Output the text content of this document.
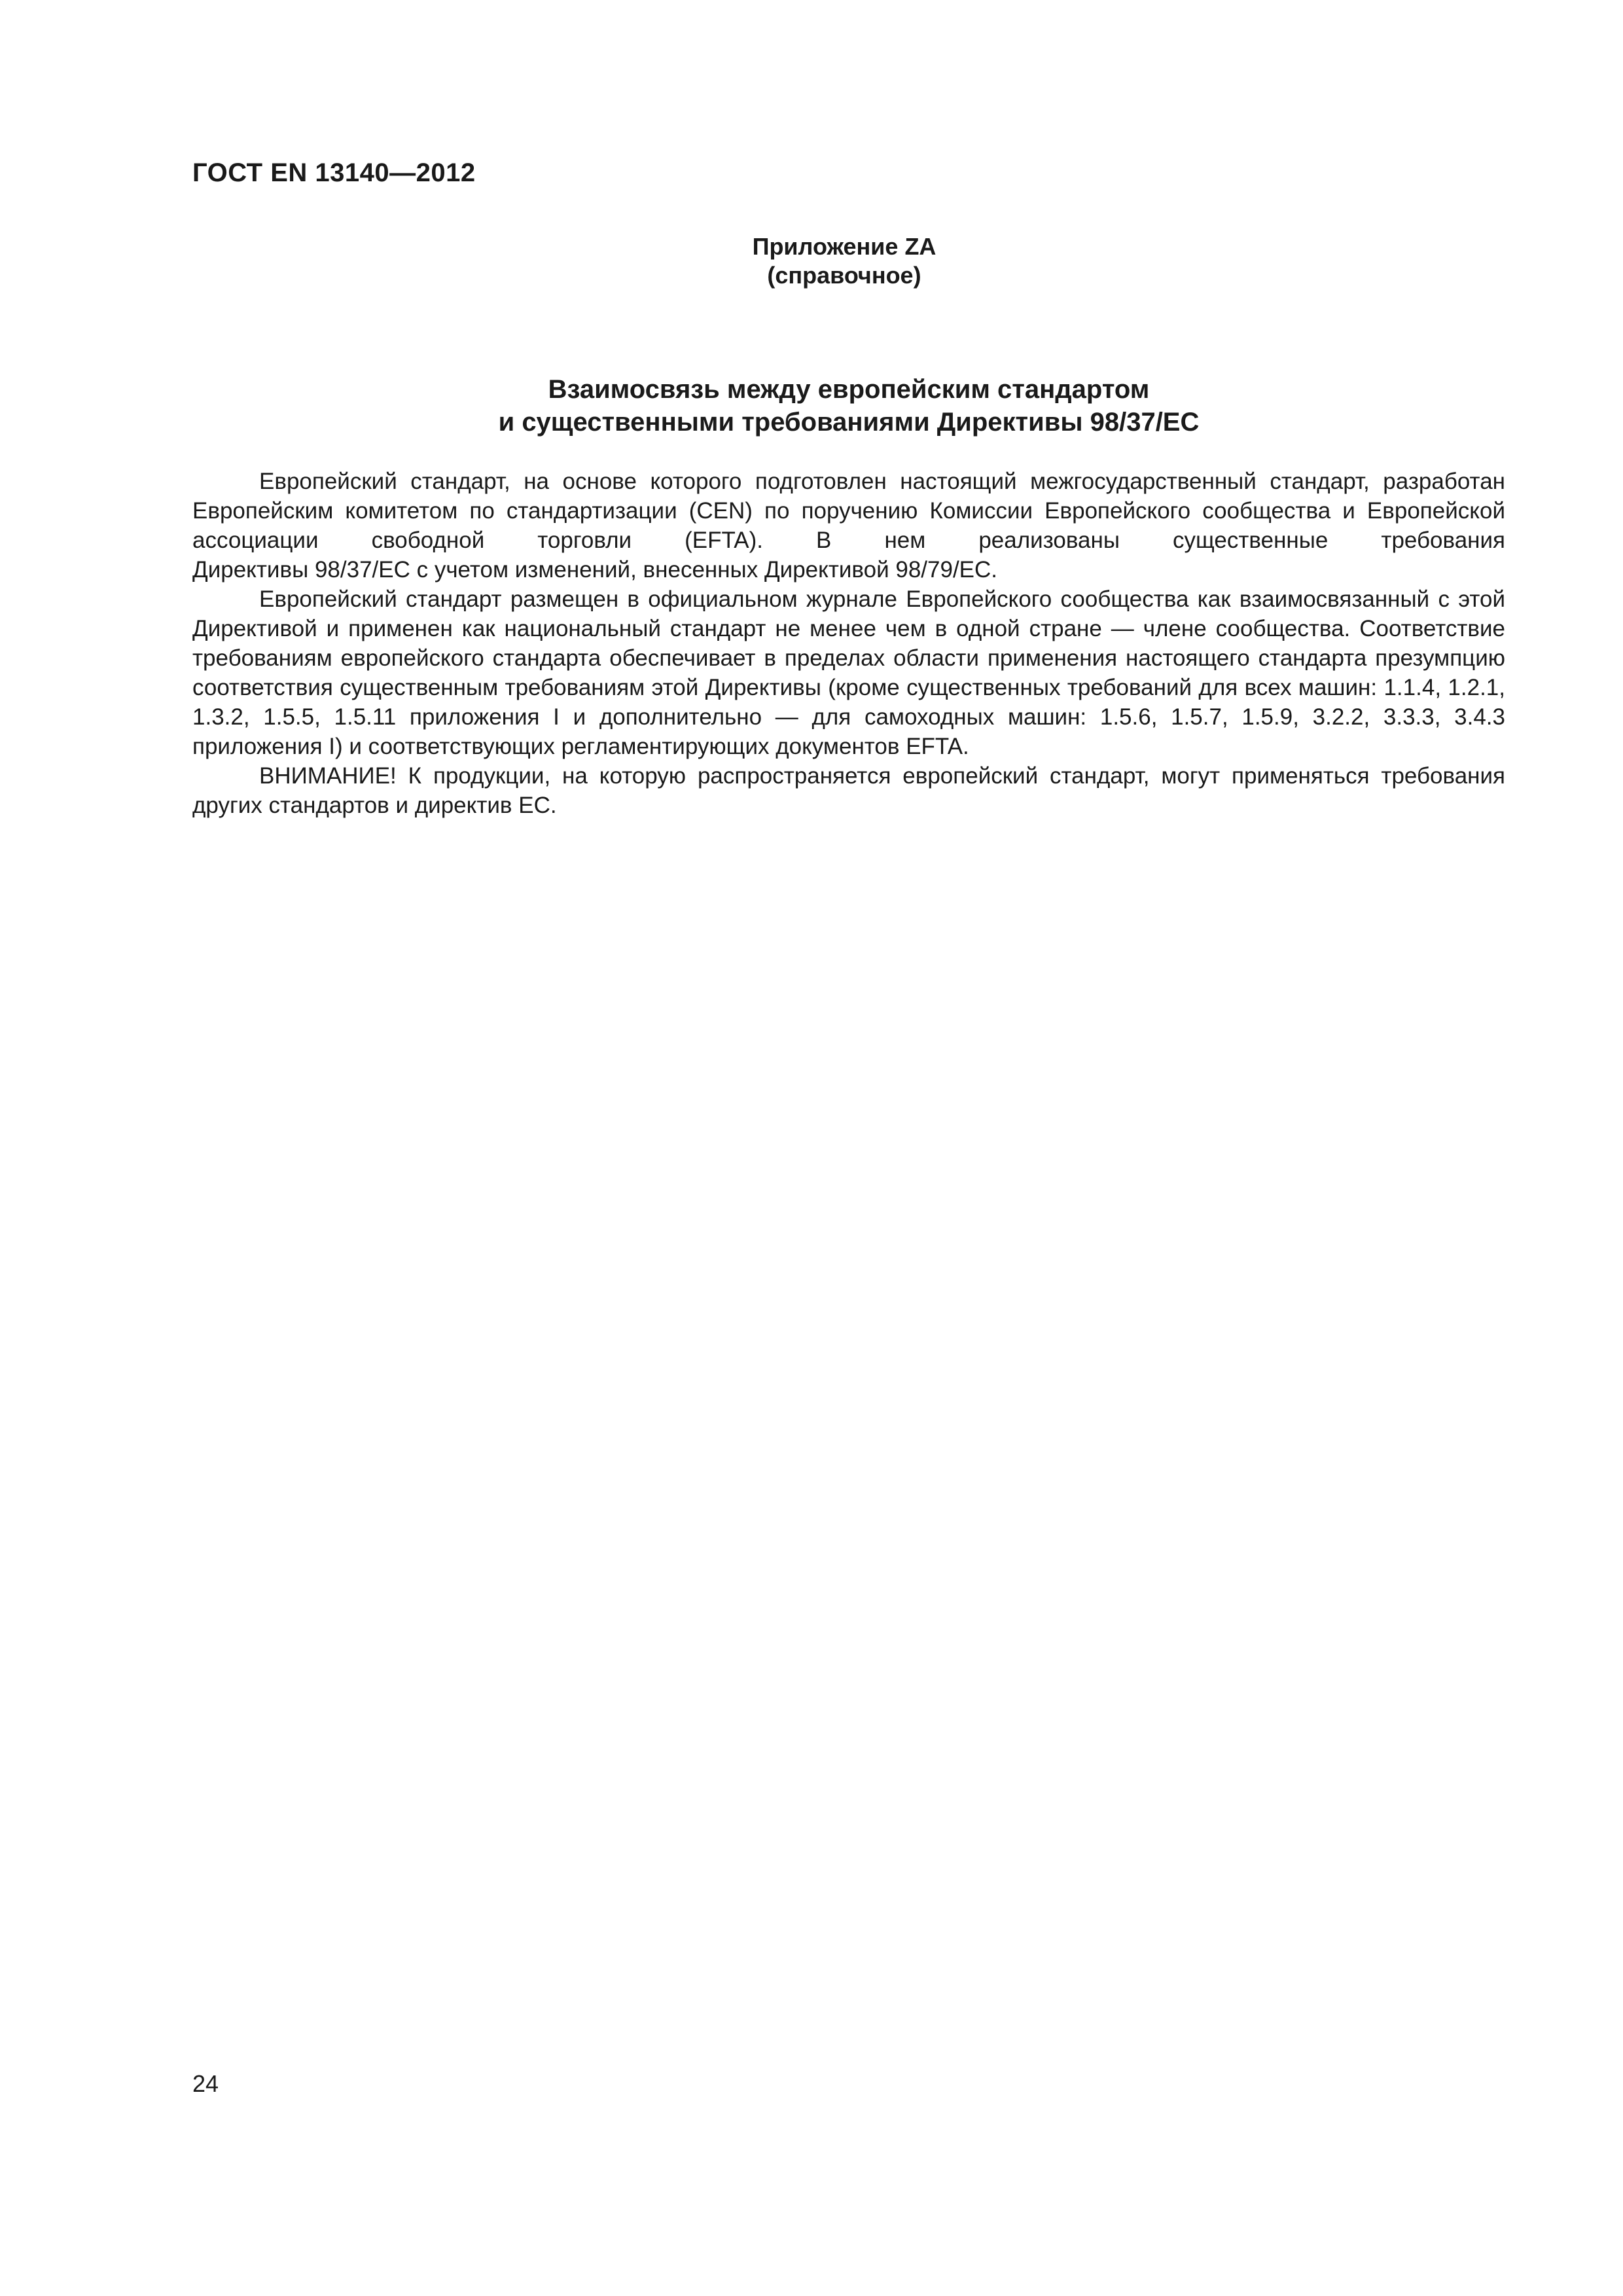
ГОСТ EN 13140—2012
Приложение ZA
(справочное)
Взаимосвязь между европейским стандартом
и существенными требованиями Директивы 98/37/ЕС

Европейский стандарт, на основе которого подготовлен настоящий межгосударственный стандарт, разработан Европейским комитетом по стандартизации (CEN) по поручению Комиссии Европейского сообщества и Европейской ассоциации свободной торговли (EFTA). В нем реализованы существенные требования

Директивы 98/37/ЕС с учетом изменений, внесенных Директивой 98/79/ЕС.

Европейский стандарт размещен в официальном журнале Европейского сообщества как взаимосвязанный с этой Директивой и применен как национальный стандарт не менее чем в одной стране — члене сообщества. Соответствие требованиям европейского стандарта обеспечивает в пределах области применения настоящего стандарта презумпцию соответствия существенным требованиям этой Директивы (кроме существенных требований для всех машин: 1.1.4, 1.2.1, 1.3.2, 1.5.5, 1.5.11 приложения I и дополнительно — для самоходных машин: 1.5.6, 1.5.7, 1.5.9, 3.2.2, 3.3.3, 3.4.3 приложения I) и соответствующих регламентирующих документов EFTA.

ВНИМАНИЕ! К продукции, на которую распространяется европейский стандарт, могут применяться требования других стандартов и директив ЕС.

24
